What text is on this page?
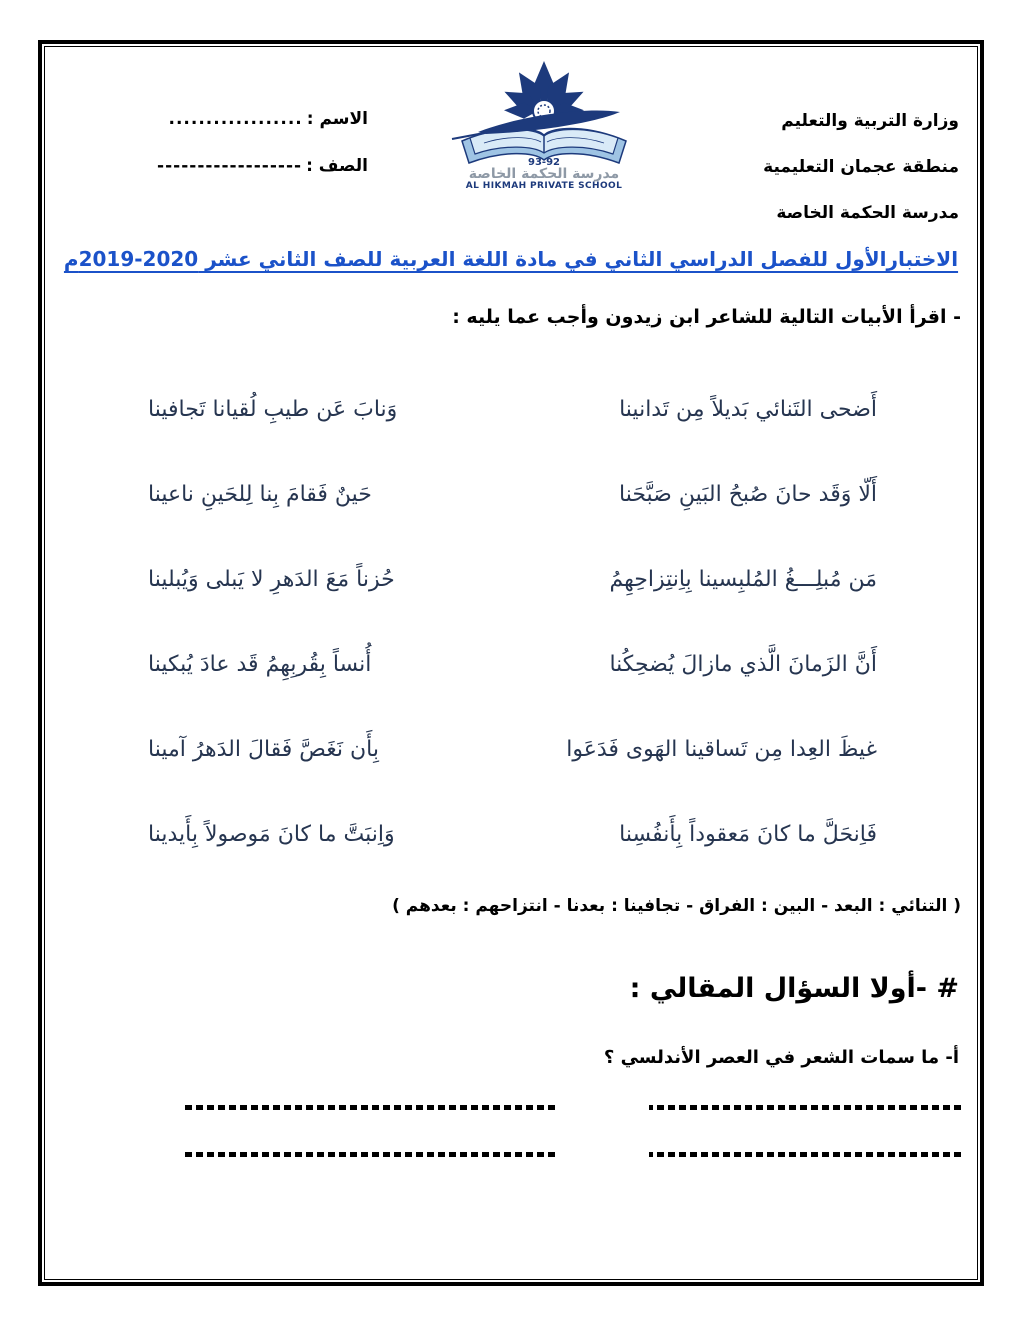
وزارة التربية والتعليم
منطقة عجمان التعليمية
مدرسة الحكمة الخاصة
93-92
مدرسة الحكمة الخاصة
AL HIKMAH PRIVATE SCHOOL
الاسم :
..................
الصف :
------------------
الاختبارالأول للفصل الدراسي الثاني في مادة اللغة العربية للصف الثاني عشر ‎2019-2020‎م
- اقرأ الأبيات التالية للشاعر ابن زيدون وأجب عما يليه :
أَضحى التَنائي بَديلاً مِن تَدانينا
وَنابَ عَن طيبِ لُقيانا تَجافينا
أَلّا وَقَد حانَ صُبحُ البَينِ صَبَّحَنا
حَينٌ فَقامَ بِنا لِلحَينِ ناعينا
مَن مُبلِـــغُ المُلبِسينا بِاِنتِزاحِهِمُ
حُزناً مَعَ الدَهرِ لا يَبلى وَيُبلينا
أَنَّ الزَمانَ الَّذي مازالَ يُضحِكُنا
أُنساً بِقُربِهِمُ قَد عادَ يُبكينا
غيظَ العِدا مِن تَساقينا الهَوى فَدَعَوا
بِأَن نَغَصَّ فَقالَ الدَهرُ آمينا
فَاِنحَلَّ ما كانَ مَعقوداً بِأَنفُسِنا
وَاِنبَتَّ ما كانَ مَوصولاً بِأَيدينا
( التنائي : البعد - البين : الفراق - تجافينا : بعدنا - انتزاحهم : بعدهم )
# -أولا السؤال المقالي :
أ- ما سمات الشعر في العصر الأندلسي ؟
